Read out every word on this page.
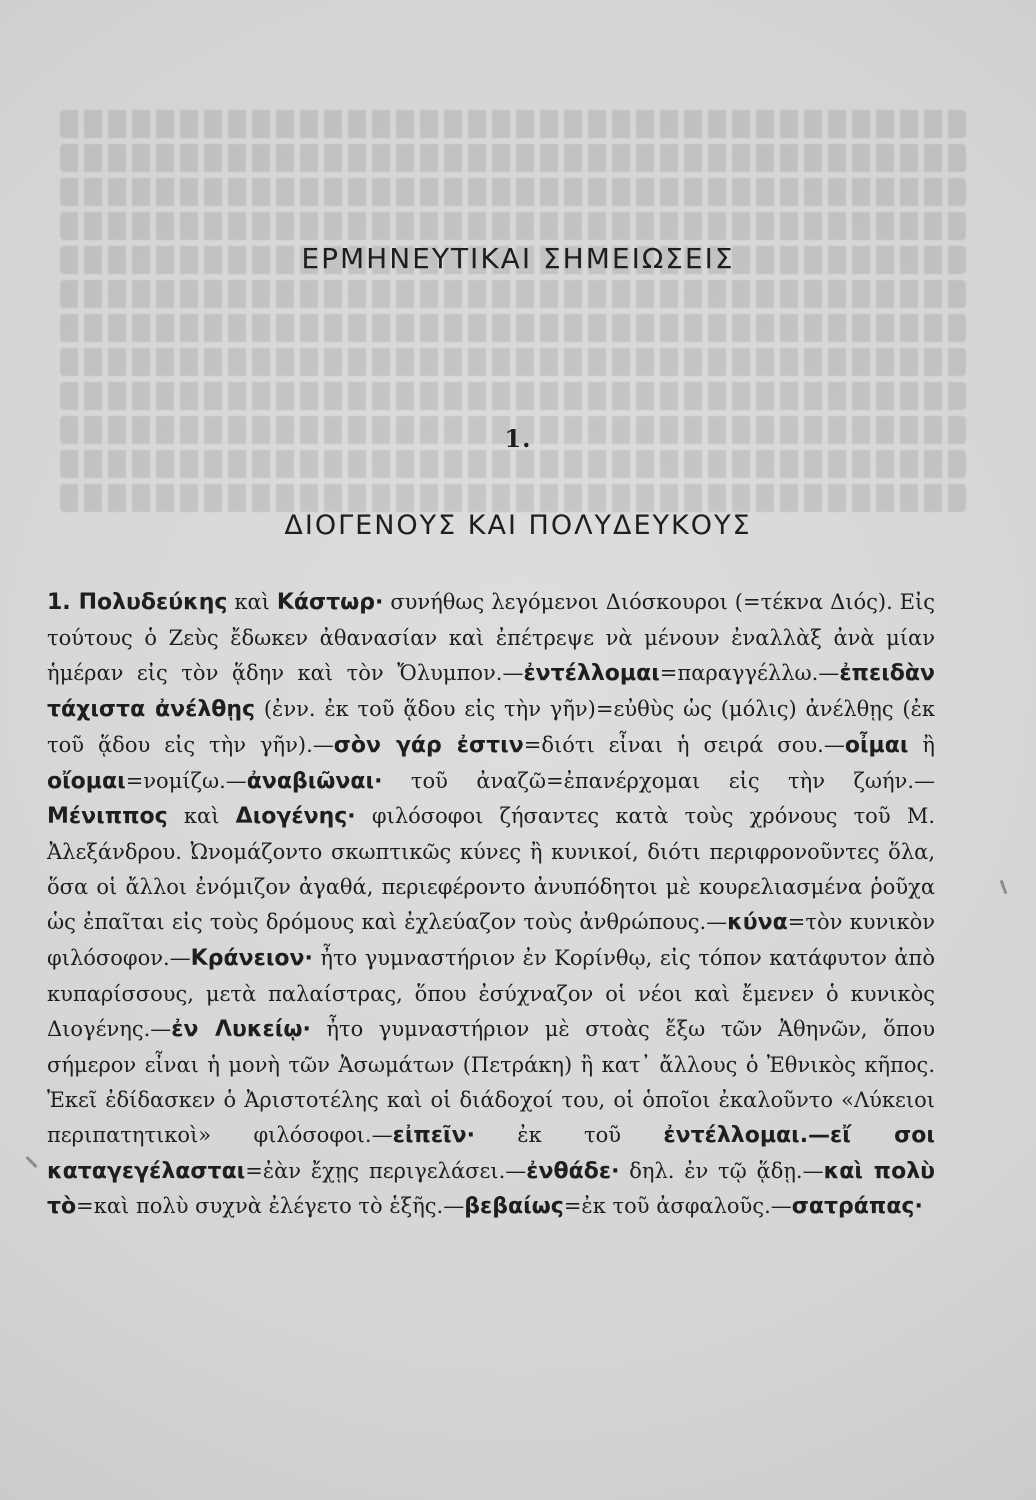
ΕΡΜΗΝΕΥΤΙΚΑΙ ΣΗΜΕΙΩΣΕΙΣ
1.
ΔΙΟΓΕΝΟΥΣ ΚΑΙ ΠΟΛΥΔΕΥΚΟΥΣ

1. Πολυδεύκης καὶ Κάστωρ· συνήθως λεγόμενοι Διόσκουροι (=τέκνα Διός). Εἰς τούτους ὁ Ζεὺς ἔδωκεν ἀθανασίαν καὶ ἐπέτρεψε νὰ μένουν ἐναλλὰξ ἀνὰ μίαν ἡμέραν εἰς τὸν ᾅδην καὶ τὸν Ὄλυμπον.—ἐντέλλομαι=παραγγέλλω.—ἐπειδὰν τάχιστα ἀνέλθῃς (ἐνν. ἐκ τοῦ ᾅδου εἰς τὴν γῆν)=εὐθὺς ὡς (μόλις) ἀνέλθῃς (ἐκ τοῦ ᾅδου εἰς τὴν γῆν).—σὸν γάρ ἐστιν=διότι εἶναι ἡ σειρά σου.—οἶμαι ἢ οἴομαι=νομίζω.—ἀναβιῶναι· τοῦ ἀναζῶ=ἐπανέρχομαι εἰς τὴν ζωήν.—Μένιππος καὶ Διογένης· φιλόσοφοι ζήσαντες κατὰ τοὺς χρόνους τοῦ Μ. Ἀλεξάνδρου. Ὠνομάζοντο σκωπτικῶς κύνες ἢ κυνικοί, διότι περιφρονοῦντες ὅλα, ὅσα οἱ ἄλλοι ἐνόμιζον ἀγαθά, περιεφέροντο ἀνυπόδητοι μὲ κουρελιασμένα ῥοῦχα ὡς ἐπαῖται εἰς τοὺς δρόμους καὶ ἐχλεύαζον τοὺς ἀνθρώπους.—κύνα=τὸν κυνικὸν φιλόσοφον.—Κράνειον· ἦτο γυμναστήριον ἐν Κορίνθῳ, εἰς τόπον κατάφυτον ἀπὸ κυπαρίσσους, μετὰ παλαίστρας, ὅπου ἐσύχναζον οἱ νέοι καὶ ἔμενεν ὁ κυνικὸς Διογένης.—ἐν Λυκείῳ· ἦτο γυμναστήριον μὲ στοὰς ἔξω τῶν Ἀθηνῶν, ὅπου σήμερον εἶναι ἡ μονὴ τῶν Ἀσωμάτων (Πετράκη) ἢ κατ᾿ ἄλλους ὁ Ἐθνικὸς κῆπος. Ἐκεῖ ἐδίδασκεν ὁ Ἀριστοτέλης καὶ οἱ διάδοχοί του, οἱ ὁποῖοι ἐκαλοῦντο «Λύκειοι περιπατητικοὶ» φιλόσοφοι.—εἰπεῖν· ἐκ τοῦ ἐντέλλομαι.—εἴ σοι καταγεγέλασται=ἐὰν ἔχῃς περιγελάσει.—ἐνθάδε· δηλ. ἐν τῷ ᾅδῃ.—καὶ πολὺ τὸ=καὶ πολὺ συχνὰ ἐλέγετο τὸ ἑξῆς.—βεβαίως=ἐκ τοῦ ἀσφαλοῦς.—σατράπας·
